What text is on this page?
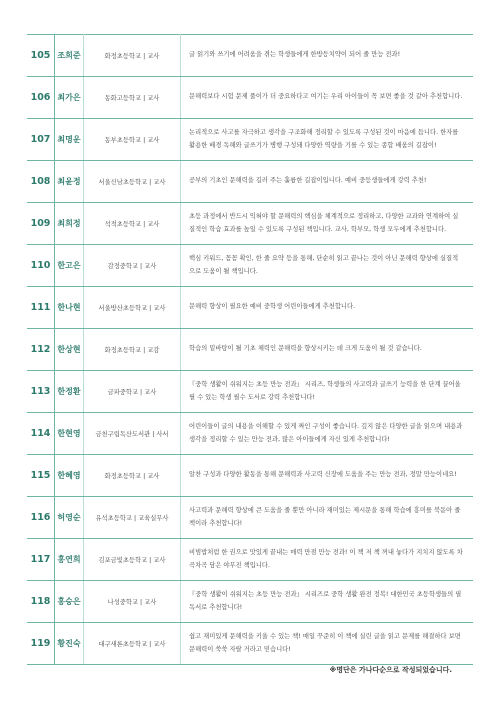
105	조희준	화정초등학교 | 교사	글 읽기와 쓰기에 어려움을 겪는 학생들에게 한방등치약이 되어 줄 만능 전과!
106	최가은	동화고등학교 | 교사	문해력보다 시험 문제 풀이가 더 중요하다고 여기는 우리 아이들이 꼭 보면 좋을 것 같아 추천합니다.
107	최명운	동부초등학교 | 교사	논리적으로 사고를 자극하고 생각을 구조화해 정리할 수 있도록 구성된 것이 마음에 듭니다. 한자를 활용한 배경 독해와 글쓰기가 병행 구성돼 다양한 역량을 기를 수 있는 종합 배움의 길잡이!
108	최윤정	서울신남초등학교 | 교사	공부의 기초인 문해력을 길러 주는 훌륭한 길잡이입니다. 예비 중등생들에게 강력 추천!
109	최희정	석적초등학교 | 교사	초등 과정에서 반드시 익혀야 할 문해력의 핵심을 체계적으로 정리하고, 다양한 교과와 연계하여 실질적인 학습 효과를 높일 수 있도록 구성된 책입니다. 교사, 학부모, 학생 모두에게 추천합니다.
110	한고은	감정중학교 | 교사	핵심 키워드, 꼼꼼 확인, 한 줄 요약 등을 통해, 단순히 읽고 끝나는 것이 아닌 문해력 향상에 실질적으로 도움이 될 책입니다.
111	한나현	서울방산초등학교 | 교사	문해력 향상이 필요한 예비 중학생 어린이들에게 추천합니다.
112	한상현	화정초등학교 | 교감	학습의 밑바탕이 될 기초 체력인 문해력을 향상시키는 데 크게 도움이 될 것 같습니다.
113	한정환	금파중학교 | 교사	『중학 생활이 쉬워지는 초등 만능 전과』 시리즈, 학생들의 사고력과 글쓰기 능력을 한 단계 끌어올릴 수 있는 학생 필수 도서로 강력 추천합니다!
114	한현영	금천구립독산도서관 | 사서	어린이들이 글의 내용을 이해할 수 있게 짜인 구성이 좋습니다. 깊지 않은 다양한 글을 읽으며 내용과 생각을 정리할 수 있는 만능 전과, 많은 아이들에게 자신 있게 추천합니다!
115	한혜영	화정초등학교 | 교사	알찬 구성과 다양한 활동을 통해 문해력과 사고력 신장에 도움을 주는 만능 전과, 정말 만능이네요!
116	허영순	유석초등학교 | 교육실무사	사고력과 문해력 향상에 큰 도움을 줄 뿐만 아니라 재미있는 제시문을 통해 학습에 흥미를 북돋아 줄 책이라 추천합니다!
117	홍연희	김포금빛초등학교 | 교사	비빔밥처럼 한 권으로 맛있게 끝내는 매력 만점 만능 전과! 이 책 저 책 꺼내 놓다가 지치지 않도록 차곡차곡 담은 야무진 책입니다.
118	홍승은	나성중학교 | 교사	『중학 생활이 쉬워지는 초등 만능 전과』 시리즈로 중학 생활 완전 정복! 대한민국 초등학생들의 필독서로 추천합니다!
119	황진숙	대구새론초등학교 | 교사	쉽고 재미있게 문해력을 키울 수 있는 책! 매일 꾸준히 이 책에 실린 글을 읽고 문제를 해결하다 보면 문해력이 쑥쑥 자랄 거라고 믿습니다!
※명단은 가나다순으로 작성되었습니다.
